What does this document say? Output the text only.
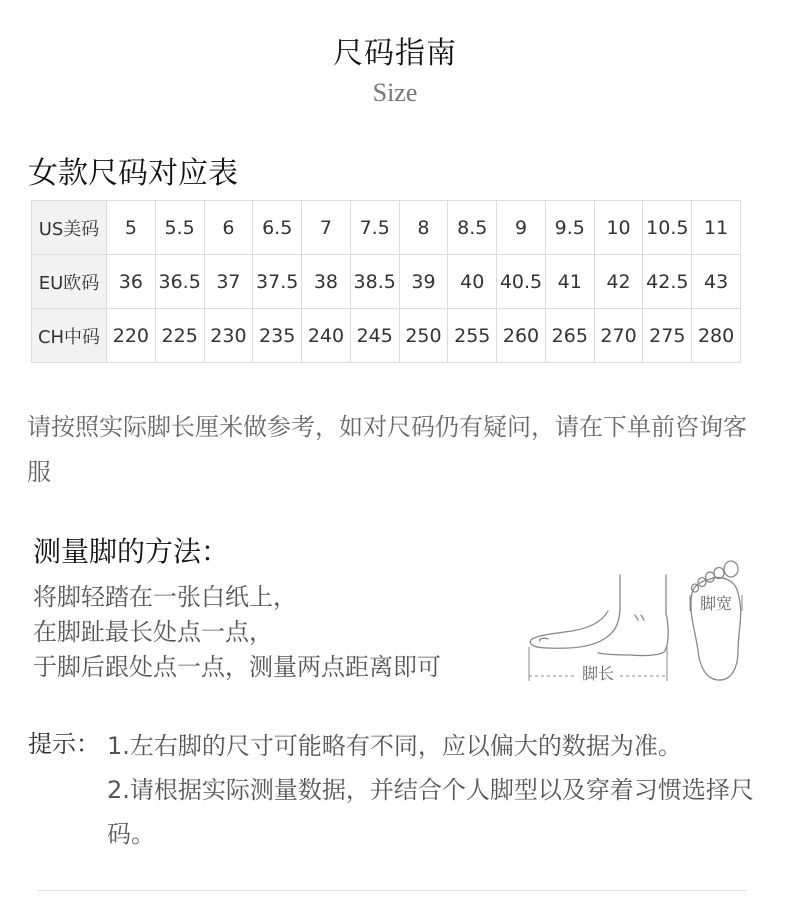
尺码指南
Size
女款尺码对应表
US美码	5	5.5	6	6.5	7	7.5	8	8.5	9	9.5	10	10.5	11
EU欧码	36	36.5	37	37.5	38	38.5	39	40	40.5	41	42	42.5	43
CH中码	220	225	230	235	240	245	250	255	260	265	270	275	280
请按照实际脚长厘米做参考，如对尺码仍有疑问，请在下单前咨询客服
测量脚的方法：
将脚轻踏在一张白纸上，
在脚趾最长处点一点，
于脚后跟处点一点，测量两点距离即可	脚长
脚宽
提示： 1.左右脚的尺寸可能略有不同，应以偏大的数据为准。
2.请根据实际测量数据，并结合个人脚型以及穿着习惯选择尺码。
